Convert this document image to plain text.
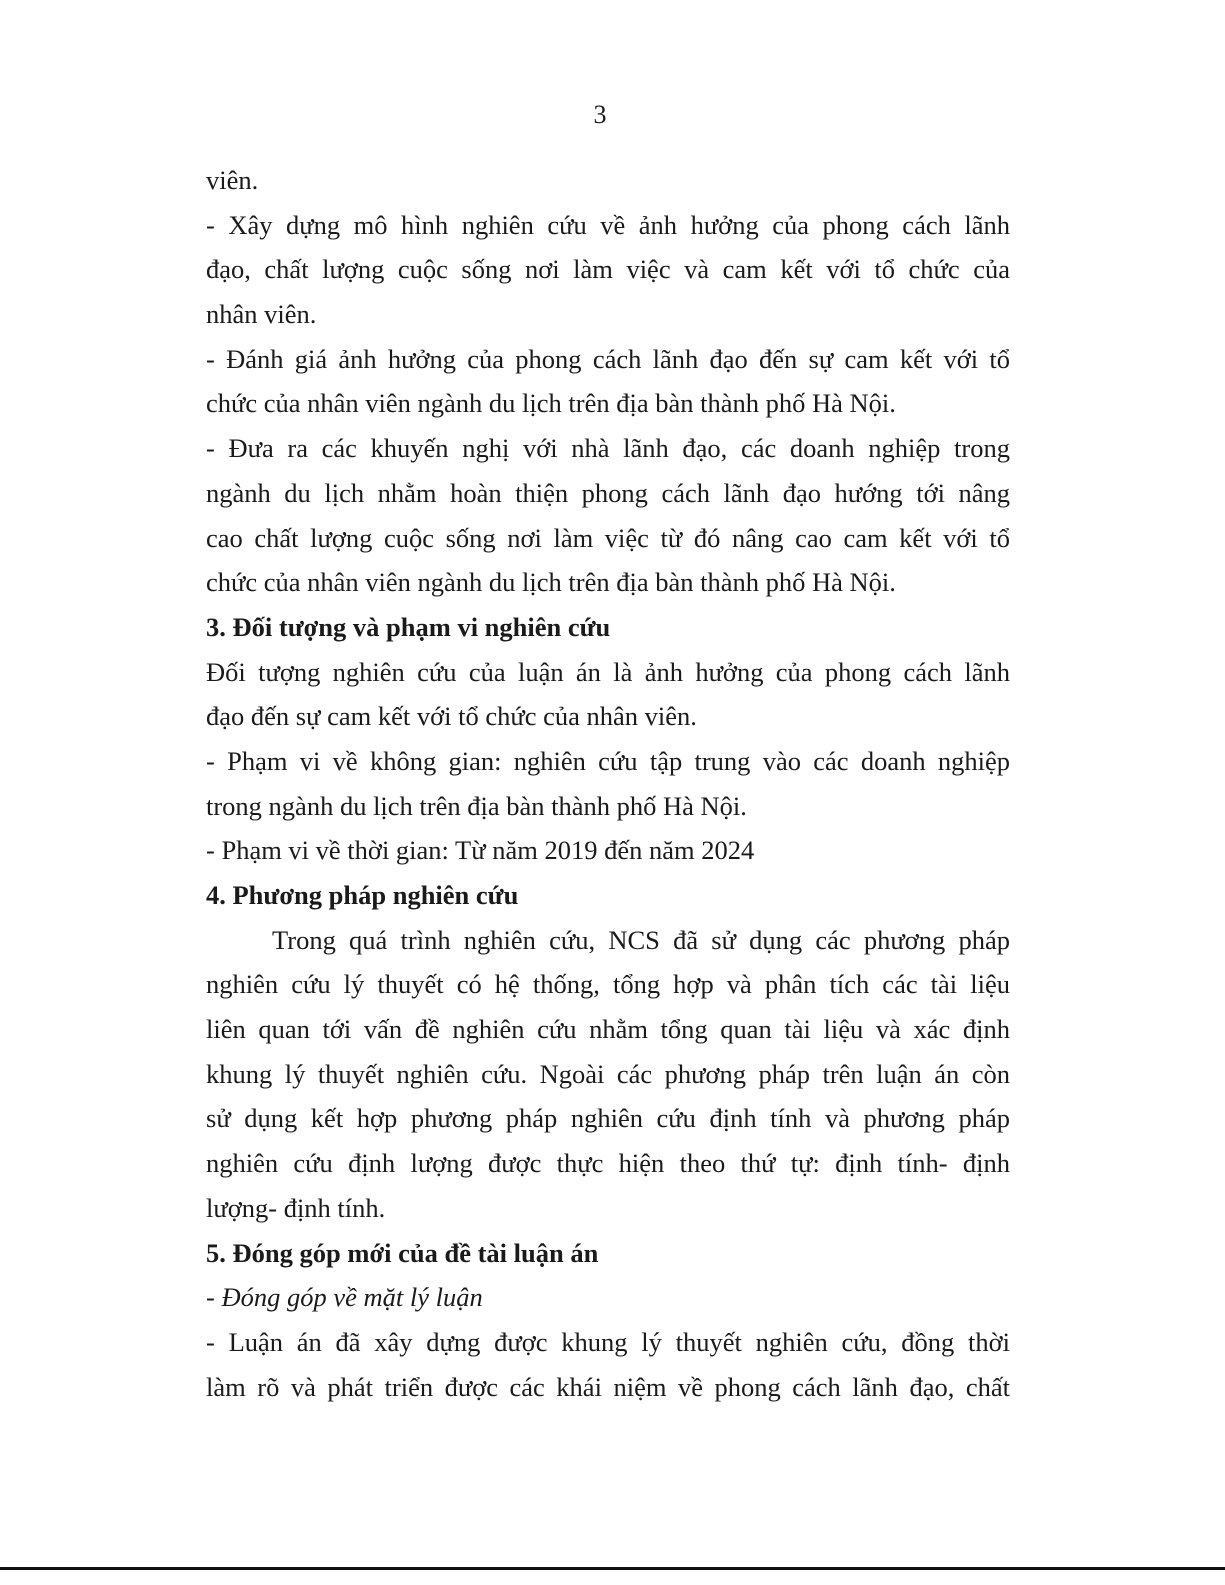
3
viên.
- Xây dựng mô hình nghiên cứu về ảnh hưởng của phong cách lãnh
đạo, chất lượng cuộc sống nơi làm việc và cam kết với tổ chức của
nhân viên.
- Đánh giá ảnh hưởng của phong cách lãnh đạo đến sự cam kết với tổ
chức của nhân viên ngành du lịch trên địa bàn thành phố Hà Nội.
- Đưa ra các khuyến nghị với nhà lãnh đạo, các doanh nghiệp trong
ngành du lịch nhằm hoàn thiện phong cách lãnh đạo hướng tới nâng
cao chất lượng cuộc sống nơi làm việc từ đó nâng cao cam kết với tổ
chức của nhân viên ngành du lịch trên địa bàn thành phố Hà Nội.
3. Đối tượng và phạm vi nghiên cứu
Đối tượng nghiên cứu của luận án là ảnh hưởng của phong cách lãnh
đạo đến sự cam kết với tổ chức của nhân viên.
- Phạm vi về không gian: nghiên cứu tập trung vào các doanh nghiệp
trong ngành du lịch trên địa bàn thành phố Hà Nội.
- Phạm vi về thời gian: Từ năm 2019 đến năm 2024
4. Phương pháp nghiên cứu
Trong quá trình nghiên cứu, NCS đã sử dụng các phương pháp
nghiên cứu lý thuyết có hệ thống, tổng hợp và phân tích các tài liệu
liên quan tới vấn đề nghiên cứu nhằm tổng quan tài liệu và xác định
khung lý thuyết nghiên cứu. Ngoài các phương pháp trên luận án còn
sử dụng kết hợp phương pháp nghiên cứu định tính và phương pháp
nghiên cứu định lượng được thực hiện theo thứ tự: định tính- định
lượng- định tính.
5. Đóng góp mới của đề tài luận án
- Đóng góp về mặt lý luận
- Luận án đã xây dựng được khung lý thuyết nghiên cứu, đồng thời
làm rõ và phát triển được các khái niệm về phong cách lãnh đạo, chất
